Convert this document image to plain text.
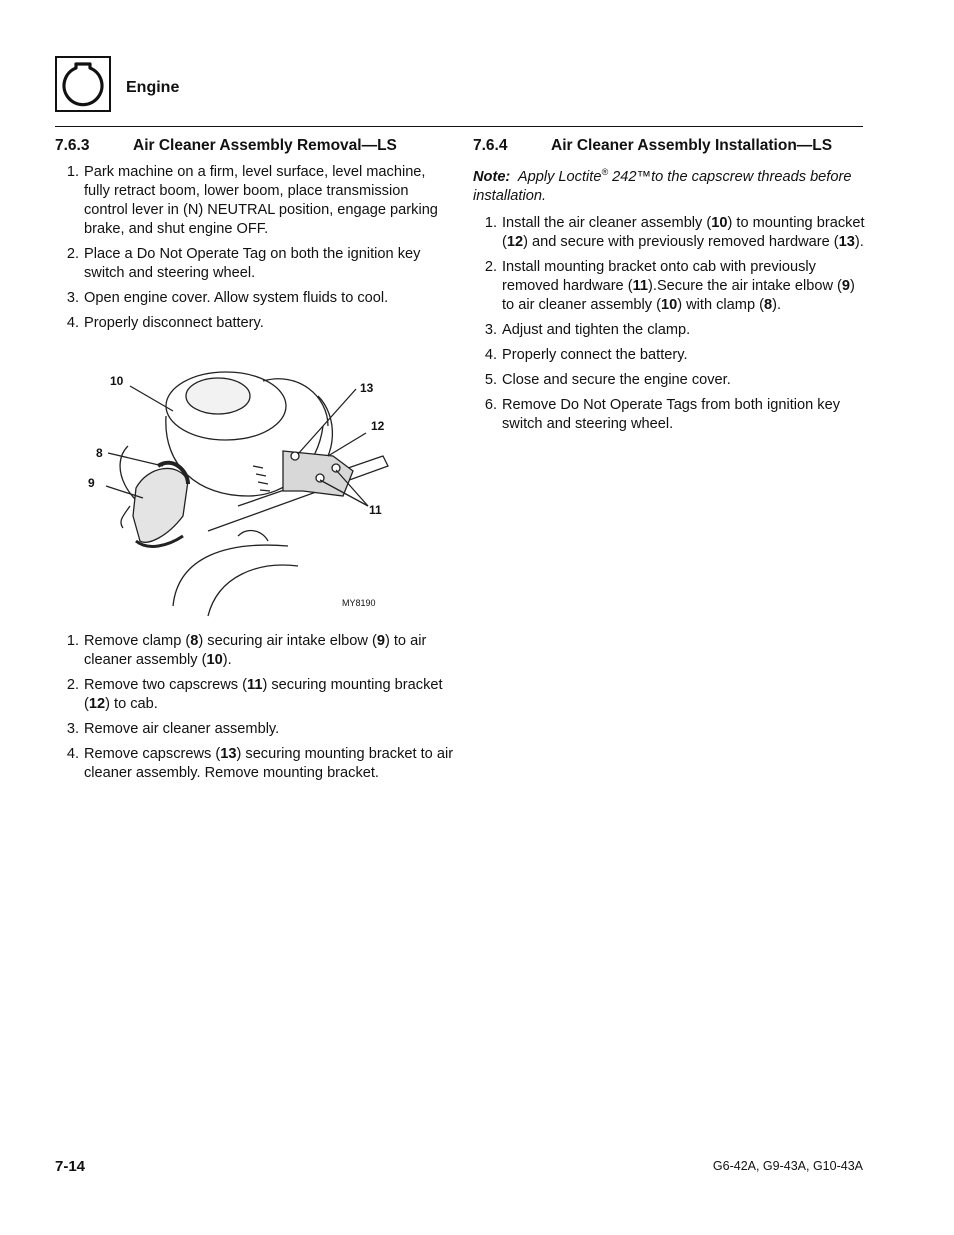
Engine
7.6.3	Air Cleaner Assembly Removal—LS
1. Park machine on a firm, level surface, level machine, fully retract boom, lower boom, place transmission control lever in (N) NEUTRAL position, engage parking brake, and shut engine OFF.
2. Place a Do Not Operate Tag on both the ignition key switch and steering wheel.
3. Open engine cover. Allow system fluids to cool.
4. Properly disconnect battery.
10	13
12
8
9
11
MY8190
1. Remove clamp (8) securing air intake elbow (9) to air cleaner assembly (10).
2. Remove two capscrews (11) securing mounting bracket (12) to cab.
3. Remove air cleaner assembly.
4. Remove capscrews (13) securing mounting bracket to air cleaner assembly. Remove mounting bracket.
7.6.4	Air Cleaner Assembly Installation—LS

Note: Apply Loctite® 242™to the capscrew threads before installation.

1. Install the air cleaner assembly (10) to mounting bracket (12) and secure with previously removed hardware (13).
2. Install mounting bracket onto cab with previously removed hardware (11).Secure the air intake elbow (9) to air cleaner assembly (10) with clamp (8).
3. Adjust and tighten the clamp.
4. Properly connect the battery.
5. Close and secure the engine cover.
6. Remove Do Not Operate Tags from both ignition key switch and steering wheel.
7-14	G6-42A, G9-43A, G10-43A
